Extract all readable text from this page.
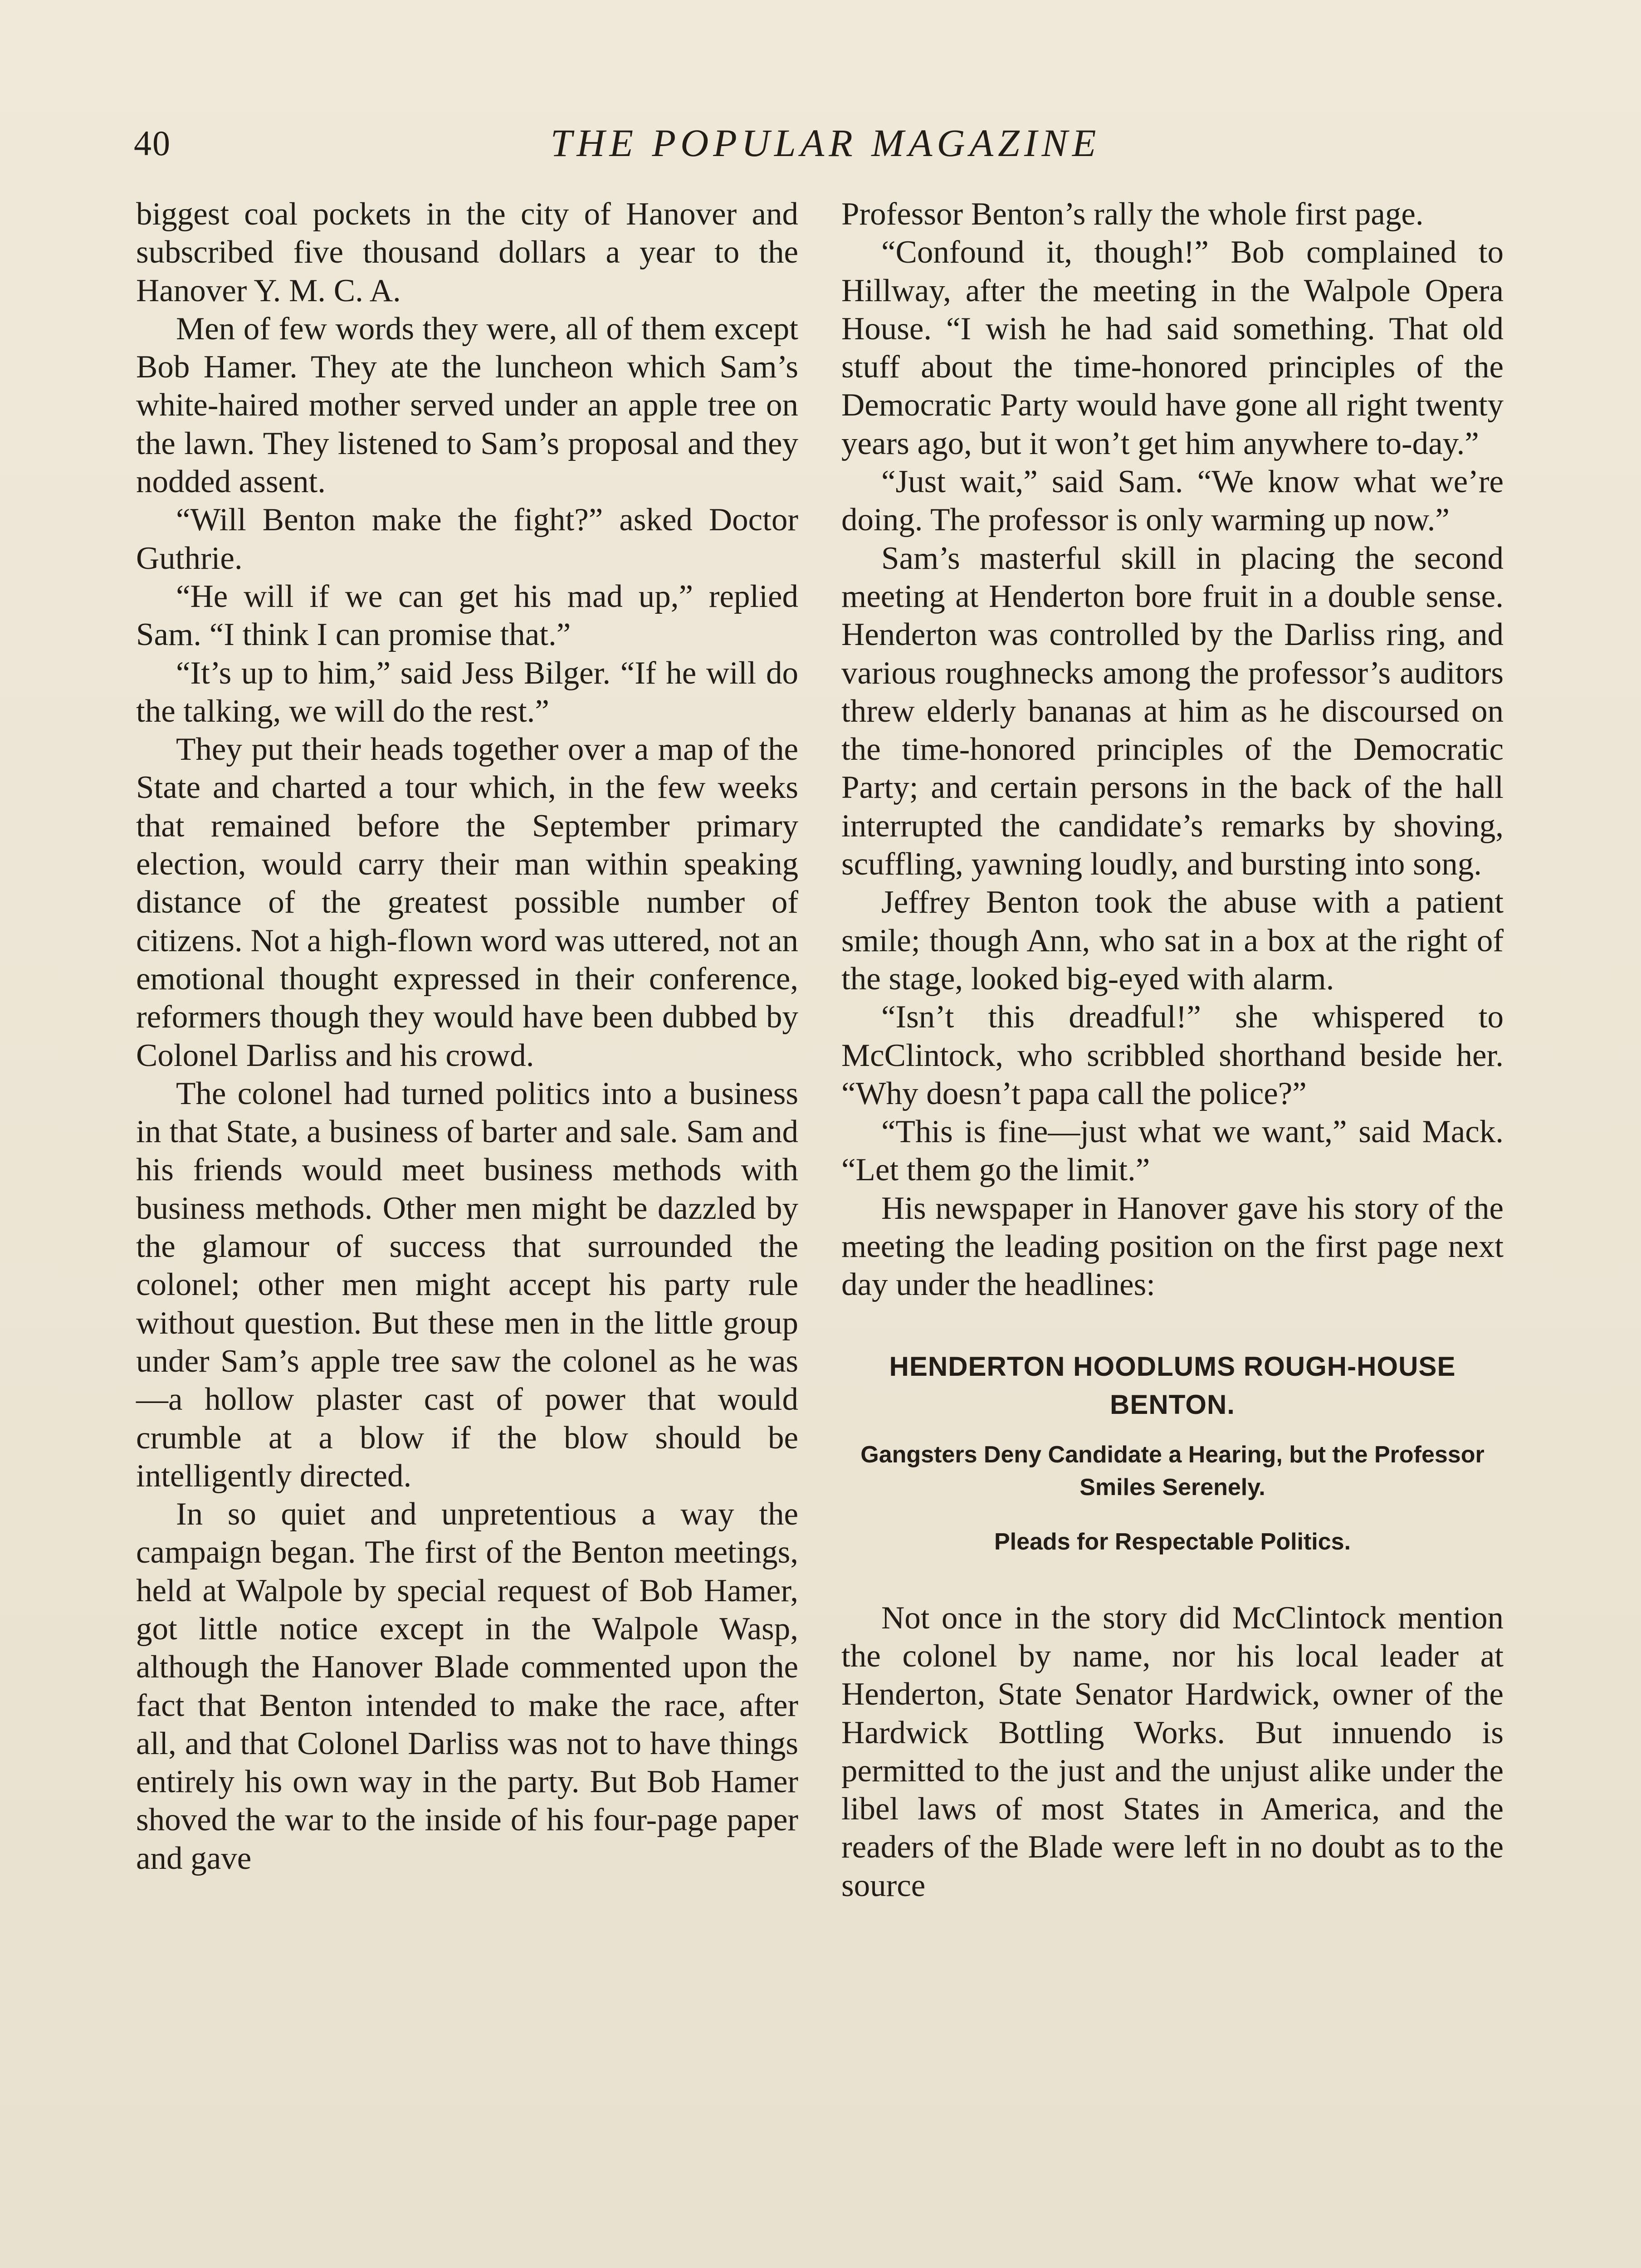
40	THE POPULAR MAGAZINE

biggest coal pockets in the city of Hanover and subscribed five thousand dollars a year to the Hanover Y. M. C. A.

Men of few words they were, all of them except Bob Hamer. They ate the luncheon which Sam’s white-haired mother served under an apple tree on the lawn. They listened to Sam’s proposal and they nodded assent.

“Will Benton make the fight?” asked Doctor Guthrie.

“He will if we can get his mad up,” replied Sam. “I think I can promise that.”

“It’s up to him,” said Jess Bilger. “If he will do the talking, we will do the rest.”

They put their heads together over a map of the State and charted a tour which, in the few weeks that remained before the September primary election, would carry their man within speaking distance of the greatest possible number of citizens. Not a high-flown word was uttered, not an emotional thought expressed in their conference, reformers though they would have been dubbed by Colonel Darliss and his crowd.

The colonel had turned politics into a business in that State, a business of barter and sale. Sam and his friends would meet business methods with business methods. Other men might be dazzled by the glamour of success that surrounded the colonel; other men might accept his party rule without question. But these men in the little group under Sam’s apple tree saw the colonel as he was—a hollow plaster cast of power that would crumble at a blow if the blow should be intelligently directed.

In so quiet and unpretentious a way the campaign began. The first of the Benton meetings, held at Walpole by special request of Bob Hamer, got little notice except in the Walpole Wasp, although the Hanover Blade commented upon the fact that Benton intended to make the race, after all, and that Colonel Darliss was not to have things entirely his own way in the party. But Bob Hamer shoved the war to the inside of his four-page paper and gave

Professor Benton’s rally the whole first page.

“Confound it, though!” Bob complained to Hillway, after the meeting in the Walpole Opera House. “I wish he had said something. That old stuff about the time-honored principles of the Democratic Party would have gone all right twenty years ago, but it won’t get him anywhere to-day.”

“Just wait,” said Sam. “We know what we’re doing. The professor is only warming up now.”

Sam’s masterful skill in placing the second meeting at Henderton bore fruit in a double sense. Henderton was controlled by the Darliss ring, and various roughnecks among the professor’s auditors threw elderly bananas at him as he discoursed on the time-honored principles of the Democratic Party; and certain persons in the back of the hall interrupted the candidate’s remarks by shoving, scuffling, yawning loudly, and bursting into song.

Jeffrey Benton took the abuse with a patient smile; though Ann, who sat in a box at the right of the stage, looked big-eyed with alarm.

“Isn’t this dreadful!” she whispered to McClintock, who scribbled shorthand beside her. “Why doesn’t papa call the police?”

“This is fine—just what we want,” said Mack. “Let them go the limit.”

His newspaper in Hanover gave his story of the meeting the leading position on the first page next day under the headlines:

HENDERTON HOODLUMS ROUGH-HOUSE BENTON.
Gangsters Deny Candidate a Hearing, but the Professor Smiles Serenely.
Pleads for Respectable Politics.

Not once in the story did McClintock mention the colonel by name, nor his local leader at Henderton, State Senator Hardwick, owner of the Hardwick Bottling Works. But innuendo is permitted to the just and the unjust alike under the libel laws of most States in America, and the readers of the Blade were left in no doubt as to the source
